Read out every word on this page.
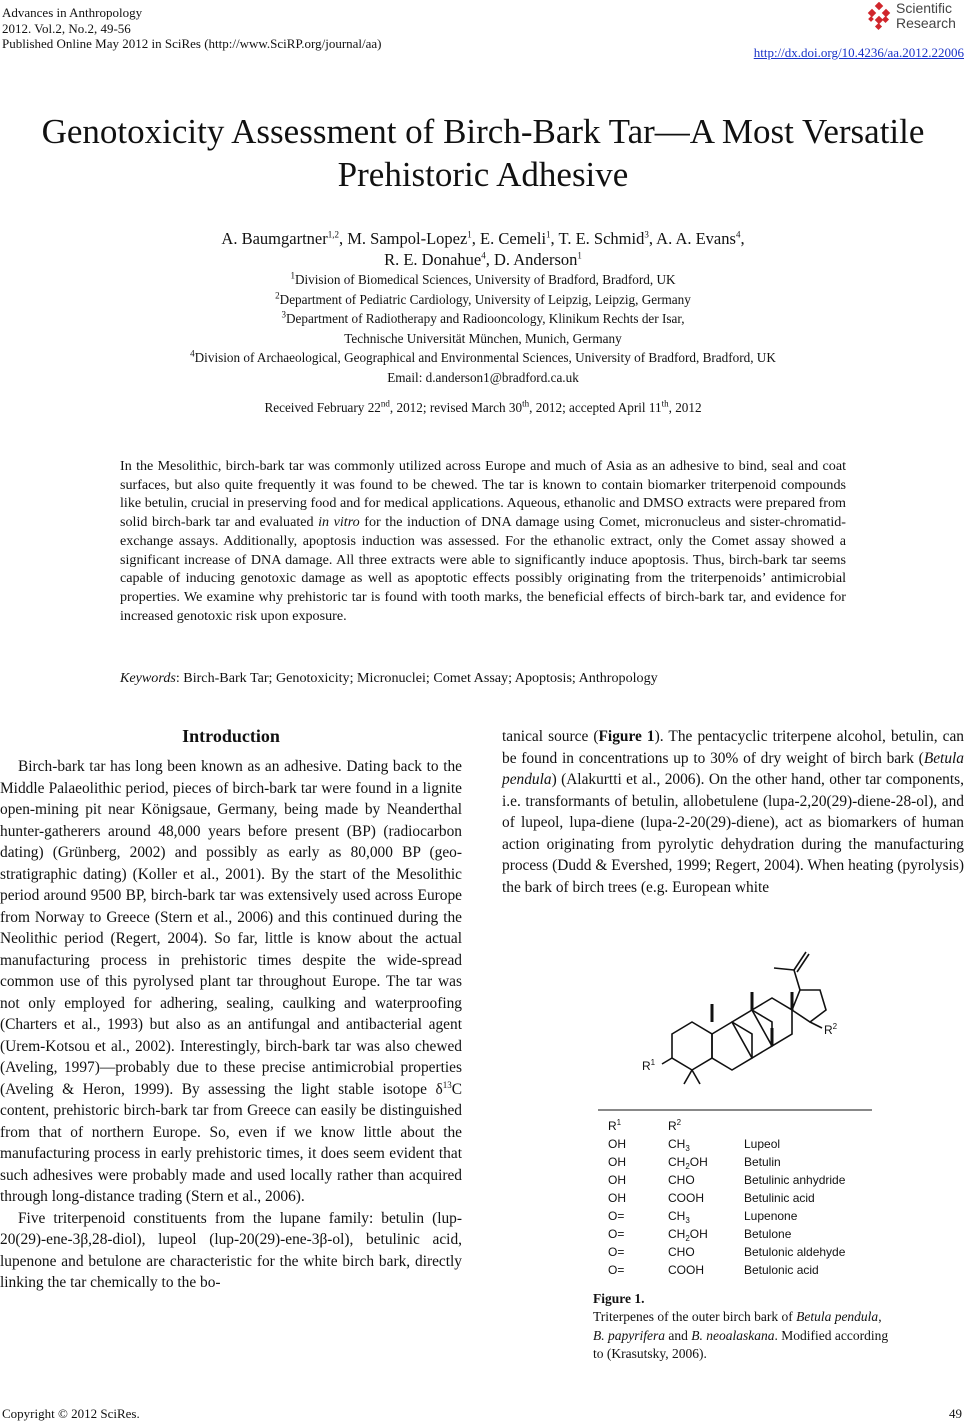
Advances in Anthropology
2012. Vol.2, No.2, 49-56
Published Online May 2012 in SciRes (http://www.SciRP.org/journal/aa)
Scientific
Research
http://dx.doi.org/10.4236/aa.2012.22006
Genotoxicity Assessment of Birch-Bark Tar—A Most Versatile
Prehistoric Adhesive
A. Baumgartner$^{1,2}$, M. Sampol-Lopez$^1$, E. Cemeli$^1$, T. E. Schmid$^3$, A. A. Evans$^4$,
R. E. Donahue$^4$, D. Anderson$^1$
$^1$Division of Biomedical Sciences, University of Bradford, Bradford, UK
$^2$Department of Pediatric Cardiology, University of Leipzig, Leipzig, Germany
$^3$Department of Radiotherapy and Radiooncology, Klinikum Rechts der Isar,
Technische Universität München, Munich, Germany
$^4$Division of Archaeological, Geographical and Environmental Sciences, University of Bradford, Bradford, UK
Email: d.anderson1@bradford.ca.uk
Received February 22nd, 2012; revised March 30th, 2012; accepted April 11th, 2012
In the Mesolithic, birch-bark tar was commonly utilized across Europe and much of Asia as an adhesive to bind, seal and coat surfaces, but also quite frequently it was found to be chewed. The tar is known to contain biomarker triterpenoid compounds like betulin, crucial in preserving food and for medical applications. Aqueous, ethanolic and DMSO extracts were prepared from solid birch-bark tar and evaluated in vitro for the induction of DNA damage using Comet, micronucleus and sister-chromatid-exchange assays. Additionally, apoptosis induction was assessed. For the ethanolic extract, only the Comet assay showed a significant increase of DNA damage. All three extracts were able to significantly induce apoptosis. Thus, birch-bark tar seems capable of inducing genotoxic damage as well as apoptotic effects possibly originating from the triterpenoids’ antimicrobial properties. We examine why prehistoric tar is found with tooth marks, the beneficial effects of birch-bark tar, and evidence for increased genotoxic risk upon exposure.
Keywords: Birch-Bark Tar; Genotoxicity; Micronuclei; Comet Assay; Apoptosis; Anthropology
Introduction

Birch-bark tar has long been known as an adhesive. Dating back to the Middle Palaeolithic period, pieces of birch-bark tar were found in a lignite open-mining pit near Königsaue, Germany, being made by Neanderthal hunter-gatherers around 48,000 years before present (BP) (radiocarbon dating) (Grünberg, 2002) and possibly as early as 80,000 BP (geo-stratigraphic dating) (Koller et al., 2001). By the start of the Mesolithic period around 9500 BP, birch-bark tar was extensively used across Europe from Norway to Greece (Stern et al., 2006) and this continued during the Neolithic period (Regert, 2004). So far, little is know about the actual manufacturing process in prehistoric times despite the wide-spread common use of this pyrolysed plant tar throughout Europe. The tar was not only employed for adhering, sealing, caulking and waterproofing (Charters et al., 1993) but also as an antifungal and antibacterial agent (Urem-Kotsou et al., 2002). Interestingly, birch-bark tar was also chewed (Aveling, 1997)—probably due to these precise antimicrobial properties (Aveling & Heron, 1999). By assessing the light stable isotope $\delta^{13}C$ content, prehistoric birch-bark tar from Greece can easily be distinguished from that of northern Europe. So, even if we know little about the manufacturing process in early prehistoric times, it does seem evident that such adhesives were probably made and used locally rather than acquired through long-distance trading (Stern et al., 2006).

Five triterpenoid constituents from the lupane family: betulin (lup-20(29)-ene-3β,28-diol), lupeol (lup-20(29)-ene-3β-ol), betulinic acid, lupenone and betulone are characteristic for the white birch bark, directly linking the tar chemically to the bo-

tanical source (Figure 1). The pentacyclic triterpene alcohol, betulin, can be found in concentrations up to 30% of dry weight of birch bark (Betula pendula) (Alakurtti et al., 2006). On the other hand, other tar components, i.e. transformants of betulin, allobetulene (lupa-2,20(29)-diene-28-ol), and of lupeol, lupa-diene (lupa-2-20(29)-diene), act as biomarkers of human action originating from pyrolytic dehydration during the manufacturing process (Dudd & Evershed, 1999; Regert, 2004). When heating (pyrolysis) the bark of birch trees (e.g. European white
$R^1$
$R^2$
$R^1$	$R^2$
OH	$CH_3$	Lupeol
OH	$CH_2OH$	Betulin
OH	CHO	Betulinic anhydride
OH	COOH	Betulinic acid
O=	$CH_3$	Lupenone
O=	$CH_2OH$	Betulone
O=	CHO	Betulonic aldehyde
O=	COOH	Betulonic acid
Figure 1.
Triterpenes of the outer birch bark of Betula pendula, B. papyrifera and B. neoalaskana. Modified according to (Krasutsky, 2006).
Copyright © 2012 SciRes.	49
